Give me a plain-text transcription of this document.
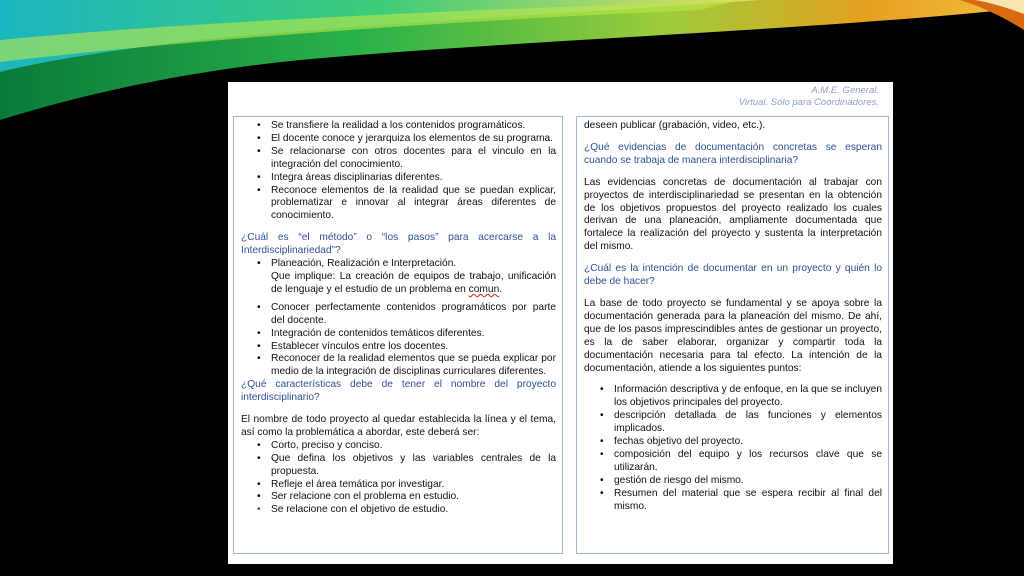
A.M.E. General.
Virtual. Sólo para Coordinadores.
• Se transfiere la realidad a los contenidos programáticos.
• El docente conoce y jerarquiza los elementos de su programa.
• Se relacionarse con otros docentes para el vinculo en la integración del conocimiento.
• Integra áreas disciplinarias diferentes.
• Reconoce elementos de la realidad que se puedan explicar, problematizar e innovar al integrar áreas diferentes de conocimiento.

¿Cuál es “el método” o “los pasos” para acercarse a la Interdisciplinariedad”?

• Planeación, Realización e Interpretación.

Que implique: La creación de equipos de trabajo, unificación de lenguaje y el estudio de un problema en comun.

• Conocer perfectamente contenidos programáticos por parte del docente.
• Integración de contenidos temáticos diferentes.
• Establecer vínculos entre los docentes.
• Reconocer de la realidad elementos que se pueda explicar por medio de la integración de disciplinas curriculares diferentes.

¿Qué características debe de tener el nombre del proyecto interdisciplinario?

El nombre de todo proyecto al quedar establecida la línea y el tema, así como la problemática a abordar, este deberá ser:

• Corto, preciso y conciso.
• Que defina los objetivos y las variables centrales de la propuesta.
• Refleje el área temática por investigar.
• Ser relacione con el problema en estudio.
• Se relacione con el objetivo de estudio.

deseen publicar (grabación, video, etc.).

¿Qué evidencias de documentación concretas se esperan cuando se trabaja de manera interdisciplinaria?

Las evidencias concretas de documentación al trabajar con proyectos de interdisciplinariedad se presentan en la obtención de los objetivos propuestos del proyecto realizado los cuales derivan de una planeación, ampliamente documentada que fortalece la realización del proyecto y sustenta la interpretación del mismo.

¿Cuál es la intención de documentar en un proyecto y quién lo debe de hacer?

La base de todo proyecto se fundamental y se apoya sobre la documentación generada para la planeación del mismo. De ahí, que de los pasos imprescindibles antes de gestionar un proyecto, es la de saber elaborar, organizar y compartir toda la documentación necesaria para tal efecto. La intención de la documentación, atiende a los siguientes puntos:

• Información descriptiva y de enfoque, en la que se incluyen los objetivos principales del proyecto.
• descripción detallada de las funciones y elementos implicados.
• fechas objetivo del proyecto.
• composición del equipo y los recursos clave que se utilizarán.
• gestión de riesgo del mismo.
• Resumen del material que se espera recibir al final del mismo.
